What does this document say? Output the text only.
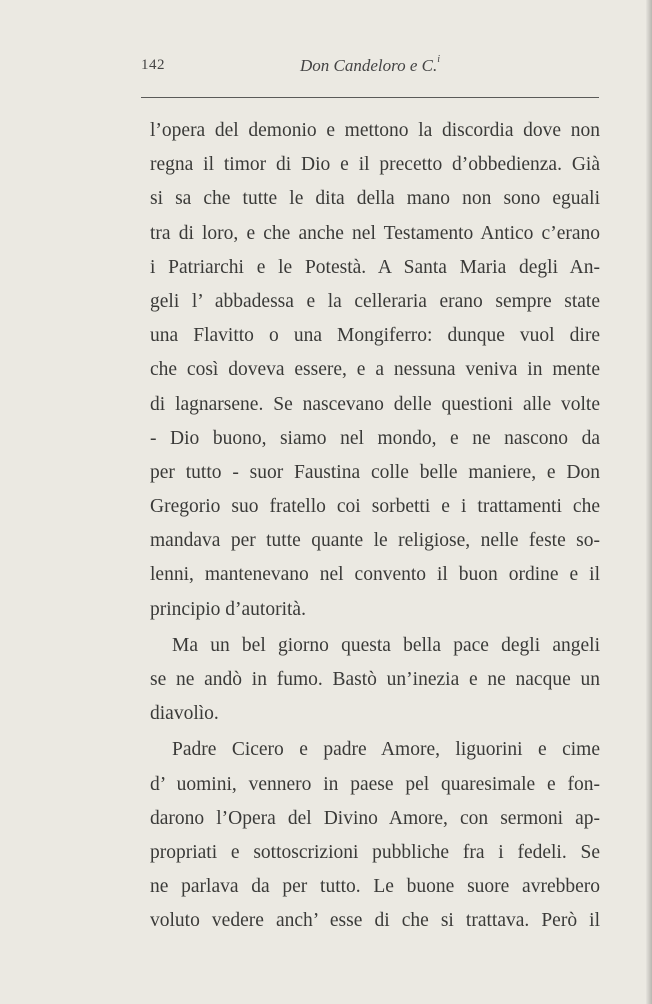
142	Don Candeloro e C.$^i$
l’opera del demonio e mettono la discordia dove non
regna il timor di Dio e il precetto d’obbedienza. Già
si sa che tutte le dita della mano non sono eguali
tra di loro, e che anche nel Testamento Antico c’erano
i Patriarchi e le Potestà. A Santa Maria degli An-
geli l’ abbadessa e la celleraria erano sempre state
una Flavitto o una Mongiferro: dunque vuol dire
che così doveva essere, e a nessuna veniva in mente
di lagnarsene. Se nascevano delle questioni alle volte
- Dio buono, siamo nel mondo, e ne nascono da
per tutto - suor Faustina colle belle maniere, e Don
Gregorio suo fratello coi sorbetti e i trattamenti che
mandava per tutte quante le religiose, nelle feste so-
lenni, mantenevano nel convento il buon ordine e il
principio d’autorità.
Ma un bel giorno questa bella pace degli angeli
se ne andò in fumo. Bastò un’inezia e ne nacque un
diavolìo.
Padre Cicero e padre Amore, liguorini e cime
d’ uomini, vennero in paese pel quaresimale e fon-
darono l’Opera del Divino Amore, con sermoni ap-
propriati e sottoscrizioni pubbliche fra i fedeli. Se
ne parlava da per tutto. Le buone suore avrebbero
voluto vedere anch’ esse di che si trattava. Però il
